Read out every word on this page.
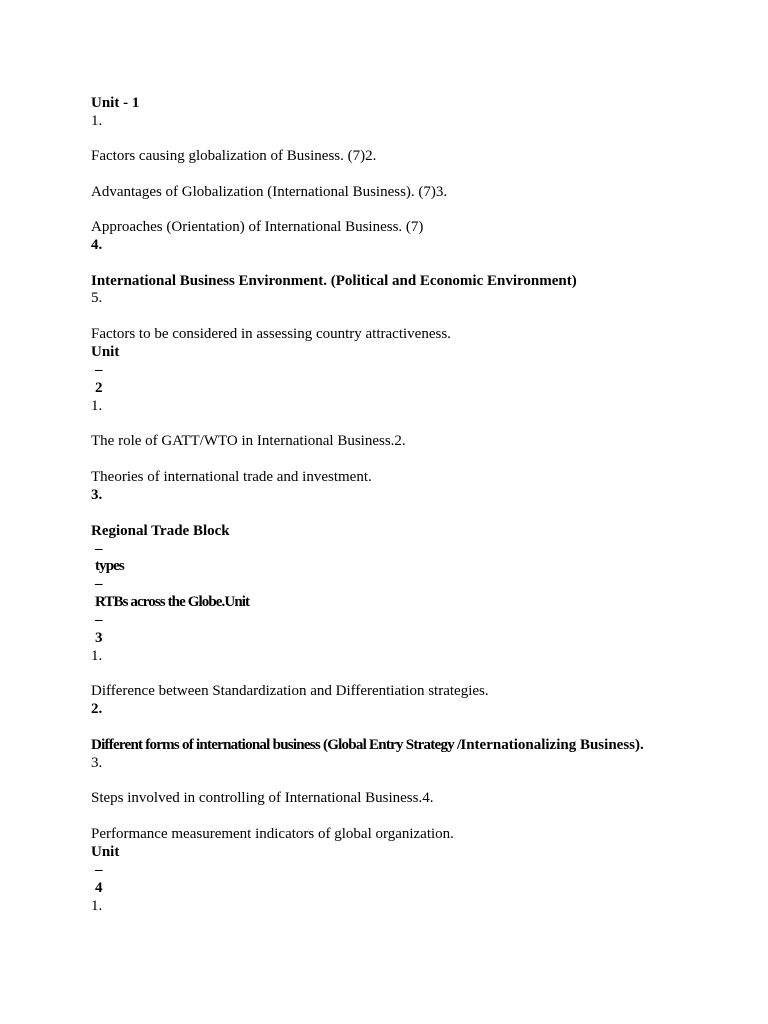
Unit - 1
1.
Factors causing globalization of Business. (7)2.
Advantages of Globalization (International Business). (7)3.
Approaches (Orientation) of International Business. (7)
4.
International Business Environment. (Political and Economic Environment)
5.
Factors to be considered in assessing country attractiveness.
Unit
–
2
1.
The role of GATT/WTO in International Business.2.
Theories of international trade and investment.
3.
Regional Trade Block
–
types
–
RTBs across the Globe.Unit
–
3
1.
Difference between Standardization and Differentiation strategies.
2.
Different forms of international business (Global Entry Strategy /Internationalizing Business).
3.
Steps involved in controlling of International Business.4.
Performance measurement indicators of global organization.
Unit
–
4
1.
